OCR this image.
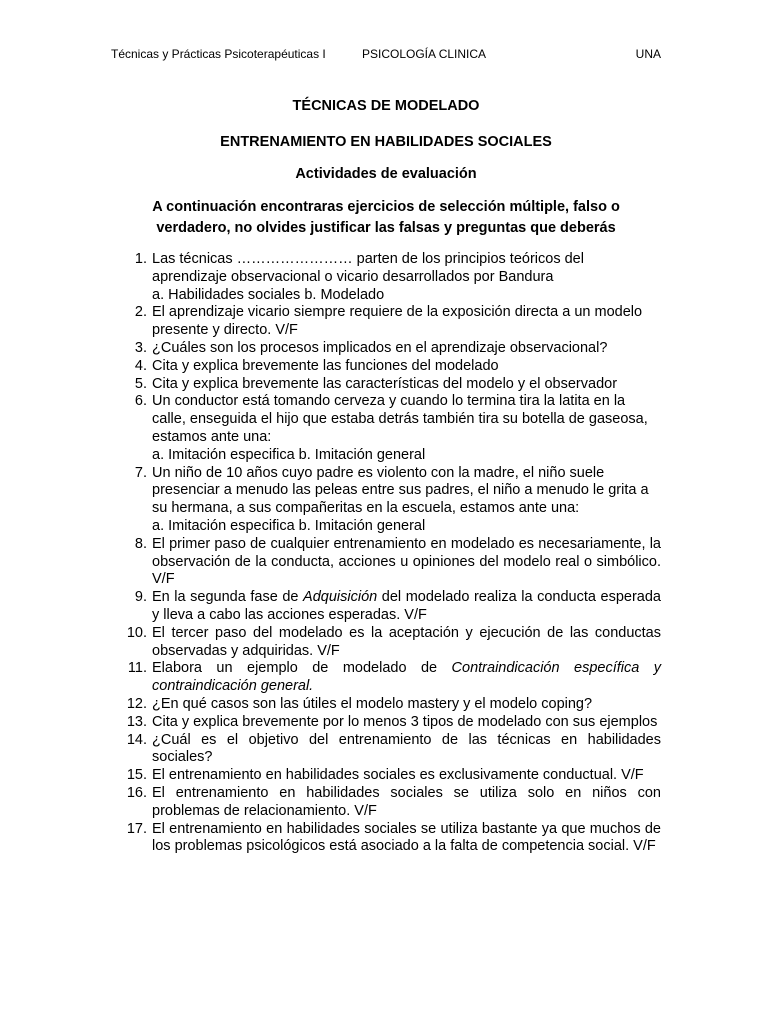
Técnicas y Prácticas Psicoterapéuticas I	PSICOLOGÍA CLINICA	UNA

TÉCNICAS DE MODELADO

ENTRENAMIENTO EN HABILIDADES SOCIALES

Actividades de evaluación

A continuación encontraras ejercicios de selección múltiple, falso o verdadero, no olvides justificar las falsas y preguntas que deberás

1. Las técnicas …………………… parten de los principios teóricos del aprendizaje observacional o vicario desarrollados por Bandura
a. Habilidades sociales b. Modelado
2. El aprendizaje vicario siempre requiere de la exposición directa a un modelo presente y directo. V/F
3. ¿Cuáles son los procesos implicados en el aprendizaje observacional?
4. Cita y explica brevemente las funciones del modelado
5. Cita y explica brevemente las características del modelo y el observador
6. Un conductor está tomando cerveza y cuando lo termina tira la latita en la calle, enseguida el hijo que estaba detrás también tira su botella de gaseosa, estamos ante una:
a. Imitación especifica b. Imitación general
7. Un niño de 10 años cuyo padre es violento con la madre, el niño suele presenciar a menudo las peleas entre sus padres, el niño a menudo le grita a su hermana, a sus compañeritas en la escuela, estamos ante una:
a. Imitación especifica b. Imitación general
8. El primer paso de cualquier entrenamiento en modelado es necesariamente, la observación de la conducta, acciones u opiniones del modelo real o simbólico. V/F
9. En la segunda fase de Adquisición del modelado realiza la conducta esperada y lleva a cabo las acciones esperadas. V/F
10. El tercer paso del modelado es la aceptación y ejecución de las conductas observadas y adquiridas. V/F
11. Elabora un ejemplo de modelado de Contraindicación específica y contraindicación general.
12. ¿En qué casos son las útiles el modelo mastery y el modelo coping?
13. Cita y explica brevemente por lo menos 3 tipos de modelado con sus ejemplos
14. ¿Cuál es el objetivo del entrenamiento de las técnicas en habilidades sociales?
15. El entrenamiento en habilidades sociales es exclusivamente conductual. V/F
16. El entrenamiento en habilidades sociales se utiliza solo en niños con problemas de relacionamiento. V/F
17. El entrenamiento en habilidades sociales se utiliza bastante ya que muchos de los problemas psicológicos está asociado a la falta de competencia social. V/F
